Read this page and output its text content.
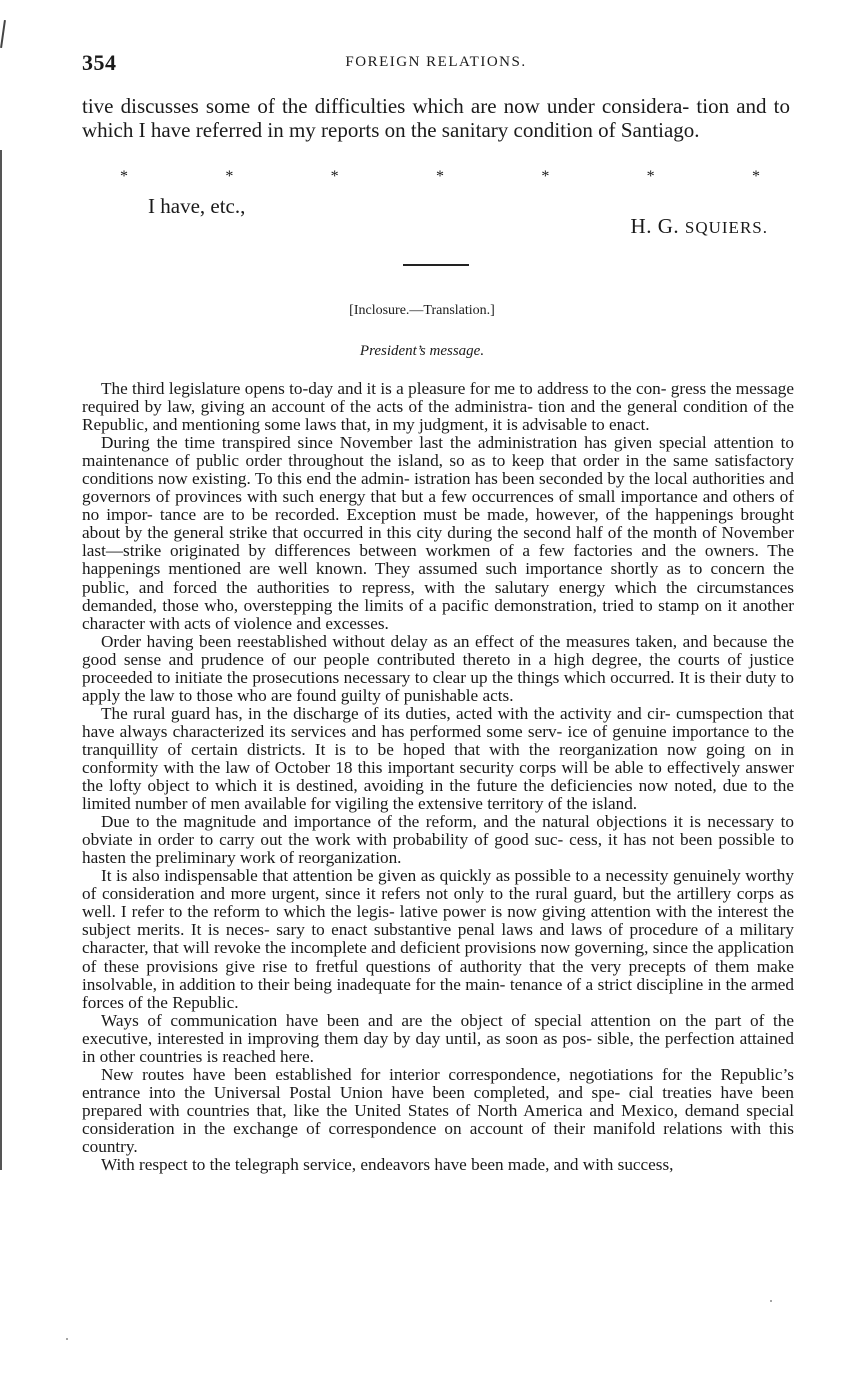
354	FOREIGN RELATIONS.

tive discusses some of the difficulties which are now under considera- tion and to which I have referred in my reports on the sanitary condition of Santiago.

*	*	*	*	*	*	*
I have, etc.,
H. G. SQUIERS.
[Inclosure.—Translation.]
President’s message.

The third legislature opens to-day and it is a pleasure for me to address to the con- gress the message required by law, giving an account of the acts of the administra- tion and the general condition of the Republic, and mentioning some laws that, in my judgment, it is advisable to enact.

During the time transpired since November last the administration has given special attention to maintenance of public order throughout the island, so as to keep that order in the same satisfactory conditions now existing. To this end the admin- istration has been seconded by the local authorities and governors of provinces with such energy that but a few occurrences of small importance and others of no impor- tance are to be recorded. Exception must be made, however, of the happenings brought about by the general strike that occurred in this city during the second half of the month of November last—strike originated by differences between workmen of a few factories and the owners. The happenings mentioned are well known. They assumed such importance shortly as to concern the public, and forced the authorities to repress, with the salutary energy which the circumstances demanded, those who, overstepping the limits of a pacific demonstration, tried to stamp on it another character with acts of violence and excesses.

Order having been reestablished without delay as an effect of the measures taken, and because the good sense and prudence of our people contributed thereto in a high degree, the courts of justice proceeded to initiate the prosecutions necessary to clear up the things which occurred. It is their duty to apply the law to those who are found guilty of punishable acts.

The rural guard has, in the discharge of its duties, acted with the activity and cir- cumspection that have always characterized its services and has performed some serv- ice of genuine importance to the tranquillity of certain districts. It is to be hoped that with the reorganization now going on in conformity with the law of October 18 this important security corps will be able to effectively answer the lofty object to which it is destined, avoiding in the future the deficiencies now noted, due to the limited number of men available for vigiling the extensive territory of the island.

Due to the magnitude and importance of the reform, and the natural objections it is necessary to obviate in order to carry out the work with probability of good suc- cess, it has not been possible to hasten the preliminary work of reorganization.

It is also indispensable that attention be given as quickly as possible to a necessity genuinely worthy of consideration and more urgent, since it refers not only to the rural guard, but the artillery corps as well. I refer to the reform to which the legis- lative power is now giving attention with the interest the subject merits. It is neces- sary to enact substantive penal laws and laws of procedure of a military character, that will revoke the incomplete and deficient provisions now governing, since the application of these provisions give rise to fretful questions of authority that the very precepts of them make insolvable, in addition to their being inadequate for the main- tenance of a strict discipline in the armed forces of the Republic.

Ways of communication have been and are the object of special attention on the part of the executive, interested in improving them day by day until, as soon as pos- sible, the perfection attained in other countries is reached here.

New routes have been established for interior correspondence, negotiations for the Republic’s entrance into the Universal Postal Union have been completed, and spe- cial treaties have been prepared with countries that, like the United States of North America and Mexico, demand special consideration in the exchange of correspondence on account of their manifold relations with this country.

With respect to the telegraph service, endeavors have been made, and with success,
